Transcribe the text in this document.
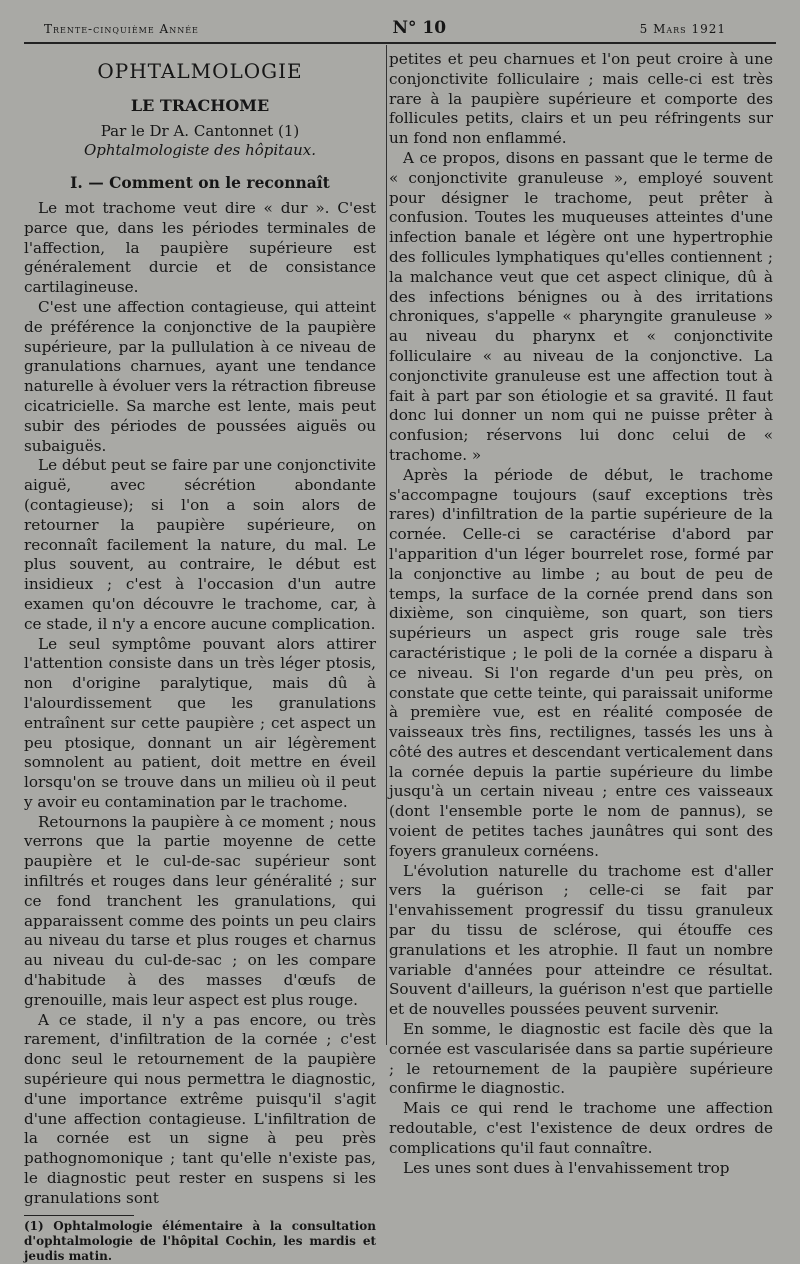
Trente-cinquième Année	N° 10	5 Mars 1921
OPHTALMOLOGIE
LE TRACHOME
Par le Dr A. Cantonnet (1)
Ophtalmologiste des hôpitaux.
I. — Comment on le reconnaît

Le mot trachome veut dire « dur ». C'est parce que, dans les périodes terminales de l'affection, la paupière supérieure est généralement durcie et de consistance cartilagineuse.

C'est une affection contagieuse, qui atteint de préférence la conjonctive de la paupière supérieure, par la pullulation à ce niveau de granulations charnues, ayant une tendance naturelle à évoluer vers la rétraction fibreuse cicatricielle. Sa marche est lente, mais peut subir des périodes de poussées aiguës ou subaiguës.

Le début peut se faire par une conjonctivite aiguë, avec sécrétion abondante (contagieuse); si l'on a soin alors de retourner la paupière supérieure, on reconnaît facilement la nature, du mal. Le plus souvent, au contraire, le début est insidieux ; c'est à l'occasion d'un autre examen qu'on découvre le trachome, car, à ce stade, il n'y a encore aucune complication.

Le seul symptôme pouvant alors attirer l'attention consiste dans un très léger ptosis, non d'origine paralytique, mais dû à l'alourdissement que les granulations entraînent sur cette paupière ; cet aspect un peu ptosique, donnant un air légèrement somnolent au patient, doit mettre en éveil lorsqu'on se trouve dans un milieu où il peut y avoir eu contamination par le trachome.

Retournons la paupière à ce moment ; nous verrons que la partie moyenne de cette paupière et le cul-de-sac supérieur sont infiltrés et rouges dans leur généralité ; sur ce fond tranchent les granulations, qui apparaissent comme des points un peu clairs au niveau du tarse et plus rouges et charnus au niveau du cul-de-sac ; on les compare d'habitude à des masses d'œufs de grenouille, mais leur aspect est plus rouge.

A ce stade, il n'y a pas encore, ou très rarement, d'infiltration de la cornée ; c'est donc seul le retournement de la paupière supérieure qui nous permettra le diagnostic, d'une importance extrême puisqu'il s'agit d'une affection contagieuse. L'infiltration de la cornée est un signe à peu près pathognomonique ; tant qu'elle n'existe pas, le diagnostic peut rester en suspens si les granulations sont

(1) Ophtalmologie élémentaire à la consultation d'ophtalmologie de l'hôpital Cochin, les mardis et jeudis matin.

petites et peu charnues et l'on peut croire à une conjonctivite folliculaire ; mais celle-ci est très rare à la paupière supérieure et comporte des follicules petits, clairs et un peu réfringents sur un fond non enflammé.

A ce propos, disons en passant que le terme de « conjonctivite granuleuse », employé souvent pour désigner le trachome, peut prêter à confusion. Toutes les muqueuses atteintes d'une infection banale et légère ont une hypertrophie des follicules lymphatiques qu'elles contiennent ; la malchance veut que cet aspect clinique, dû à des infections bénignes ou à des irritations chroniques, s'appelle « pharyngite granuleuse » au niveau du pharynx et « conjonctivite folliculaire « au niveau de la conjonctive. La conjonctivite granuleuse est une affection tout à fait à part par son étiologie et sa gravité. Il faut donc lui donner un nom qui ne puisse prêter à confusion; réservons lui donc celui de « trachome. »

Après la période de début, le trachome s'accompagne toujours (sauf exceptions très rares) d'infiltration de la partie supérieure de la cornée. Celle-ci se caractérise d'abord par l'apparition d'un léger bourrelet rose, formé par la conjonctive au limbe ; au bout de peu de temps, la surface de la cornée prend dans son dixième, son cinquième, son quart, son tiers supérieurs un aspect gris rouge sale très caractéristique ; le poli de la cornée a disparu à ce niveau. Si l'on regarde d'un peu près, on constate que cette teinte, qui paraissait uniforme à première vue, est en réalité composée de vaisseaux très fins, rectilignes, tassés les uns à côté des autres et descendant verticalement dans la cornée depuis la partie supérieure du limbe jusqu'à un certain niveau ; entre ces vaisseaux (dont l'ensemble porte le nom de pannus), se voient de petites taches jaunâtres qui sont des foyers granuleux cornéens.

L'évolution naturelle du trachome est d'aller vers la guérison ; celle-ci se fait par l'envahissement progressif du tissu granuleux par du tissu de sclérose, qui étouffe ces granulations et les atrophie. Il faut un nombre variable d'années pour atteindre ce résultat. Souvent d'ailleurs, la guérison n'est que partielle et de nouvelles poussées peuvent survenir.

En somme, le diagnostic est facile dès que la cornée est vascularisée dans sa partie supérieure ; le retournement de la paupière supérieure confirme le diagnostic.

Mais ce qui rend le trachome une affection redoutable, c'est l'existence de deux ordres de complications qu'il faut connaître.

Les unes sont dues à l'envahissement trop
